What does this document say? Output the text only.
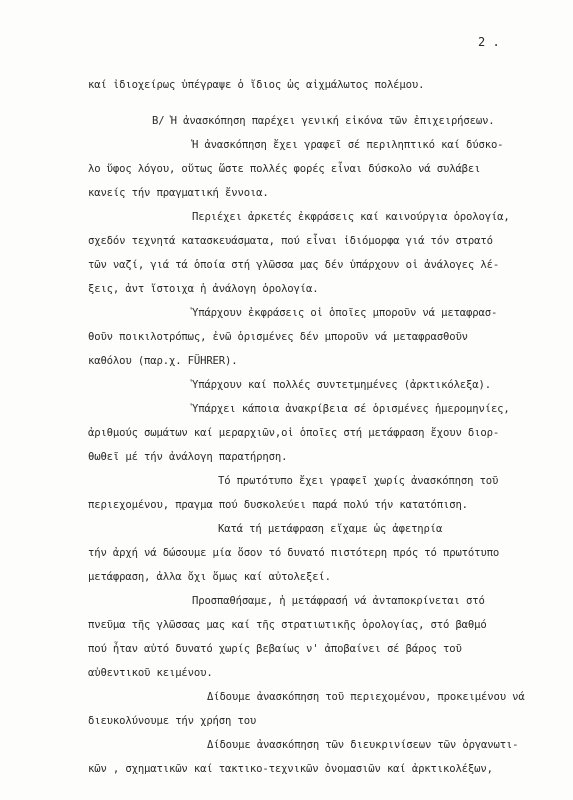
2 .
καί ἰδιοχείρως ὑπέγραψε ὁ ἴδιος ὡς αἰχμάλωτος πολέμου.
B/ Ἡ ἀνασκόπηση παρέχει γενική εἰκόνα τῶν ἐπιχειρήσεων.
Ἡ ἀνασκόπηση ἔχει γραφεῖ σέ περιληπτικό καί δύσκο-
λο ὕφος λόγου, οὕτως ὥστε πολλές φορές εἶναι δύσκολο νά συλάβει
κανείς τήν πραγματική ἔννοια.
Περιέχει ἀρκετές ἐκφράσεις καί καινούργια ὁρολογία,
σχεδόν τεχνητά κατασκευάσματα, πού εἶναι ἰδιόμορφα γιά τόν στρατό
τῶν ναζί, γιά τά ὁποία στή γλῶσσα μας δέν ὑπάρχουν οἱ ἀνάλογες λέ-
ξεις, ἀντ ἴστοιχα ἡ ἀνάλογη ὁρολογία.
Ὑπάρχουν ἐκφράσεις οἱ ὁποῖες μποροῦν νά μεταφρασ-
θοῦν ποικιλοτρόπως, ἐνῶ ὁρισμένες δέν μποροῦν νά μεταφρασθοῦν
καθόλου (παρ.χ. FÜHRER).
Ὑπάρχουν καί πολλές συντετμημένες (ἀρκτικόλεξα).
Ὑπάρχει κάποια ἀνακρίβεια σέ ὁρισμένες ἡμερομηνίες,
ἀριθμούς σωμάτων καί μεραρχιῶν,οἱ ὁποῖες στή μετάφραση ἔχουν διορ-
θωθεῖ μέ τήν ἀνάλογη παρατήρηση.
Τό πρωτότυπο ἔχει γραφεῖ χωρίς ἀνασκόπηση τοῦ
περιεχομένου, πραγμα πού δυσκολεύει παρά πολύ τήν κατατόπιση.
Κατά τή μετάφραση εἴχαμε ὡς ἀφετηρία
τήν ἀρχή νά δώσουμε μία ὅσον τό δυνατό πιστότερη πρός τό πρωτότυπο
μετάφραση, ἀλλα ὄχι ὅμως καί αὐτολεξεί.
Προσπαθήσαμε, ἡ μετάφρασή νά ἀνταποκρίνεται στό
πνεῦμα τῆς γλῶσσας μας καί τῆς στρατιωτικῆς ὁρολογίας, στό βαθμό
πού ἦταν αὐτό δυνατό χωρίς βεβαίως ν' ἀποβαίνει σέ βάρος τοῦ
αὐθεντικοῦ κειμένου.
Δίδουμε ἀνασκόπηση τοῦ περιεχομένου, προκειμένου νά
διευκολύνουμε τήν χρήση του
Δίδουμε ἀνασκόπηση τῶν διευκρινίσεων τῶν ὀργανωτι-
κῶν , σχηματικῶν καί τακτικο-τεχνικῶν ὀνομασιῶν καί ἀρκτικολέξων,
